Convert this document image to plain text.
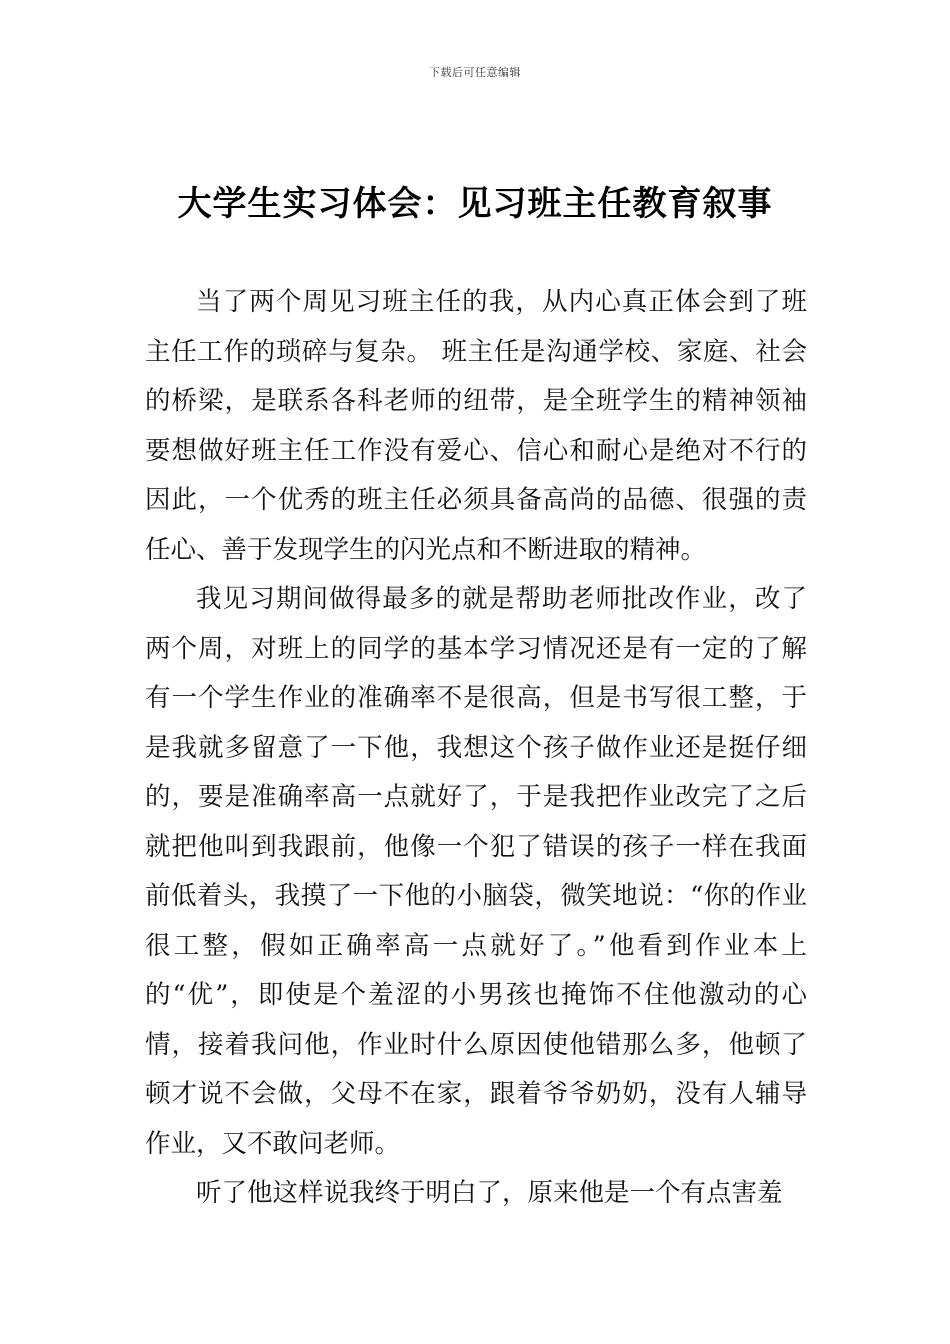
下载后可任意编辑
大学生实习体会：见习班主任教育叙事

当了两个周见习班主任的我，从内心真正体会到了班主任工作的琐碎与复杂。 班主任是沟通学校、家庭、社会的桥梁，是联系各科老师的纽带，是全班学生的精神领袖要想做好班主任工作没有爱心、信心和耐心是绝对不行的因此，一个优秀的班主任必须具备高尚的品德、很强的责任心、善于发现学生的闪光点和不断进取的精神。

我见习期间做得最多的就是帮助老师批改作业，改了两个周，对班上的同学的基本学习情况还是有一定的了解有一个学生作业的准确率不是很高，但是书写很工整，于是我就多留意了一下他，我想这个孩子做作业还是挺仔细的，要是准确率高一点就好了，于是我把作业改完了之后就把他叫到我跟前，他像一个犯了错误的孩子一样在我面前低着头，我摸了一下他的小脑袋，微笑地说：“你的作业很工整，假如正确率高一点就好了。”他看到作业本上的“优”，即使是个羞涩的小男孩也掩饰不住他激动的心情，接着我问他，作业时什么原因使他错那么多，他顿了顿才说不会做，父母不在家，跟着爷爷奶奶，没有人辅导作业，又不敢问老师。

听了他这样说我终于明白了，原来他是一个有点害羞
